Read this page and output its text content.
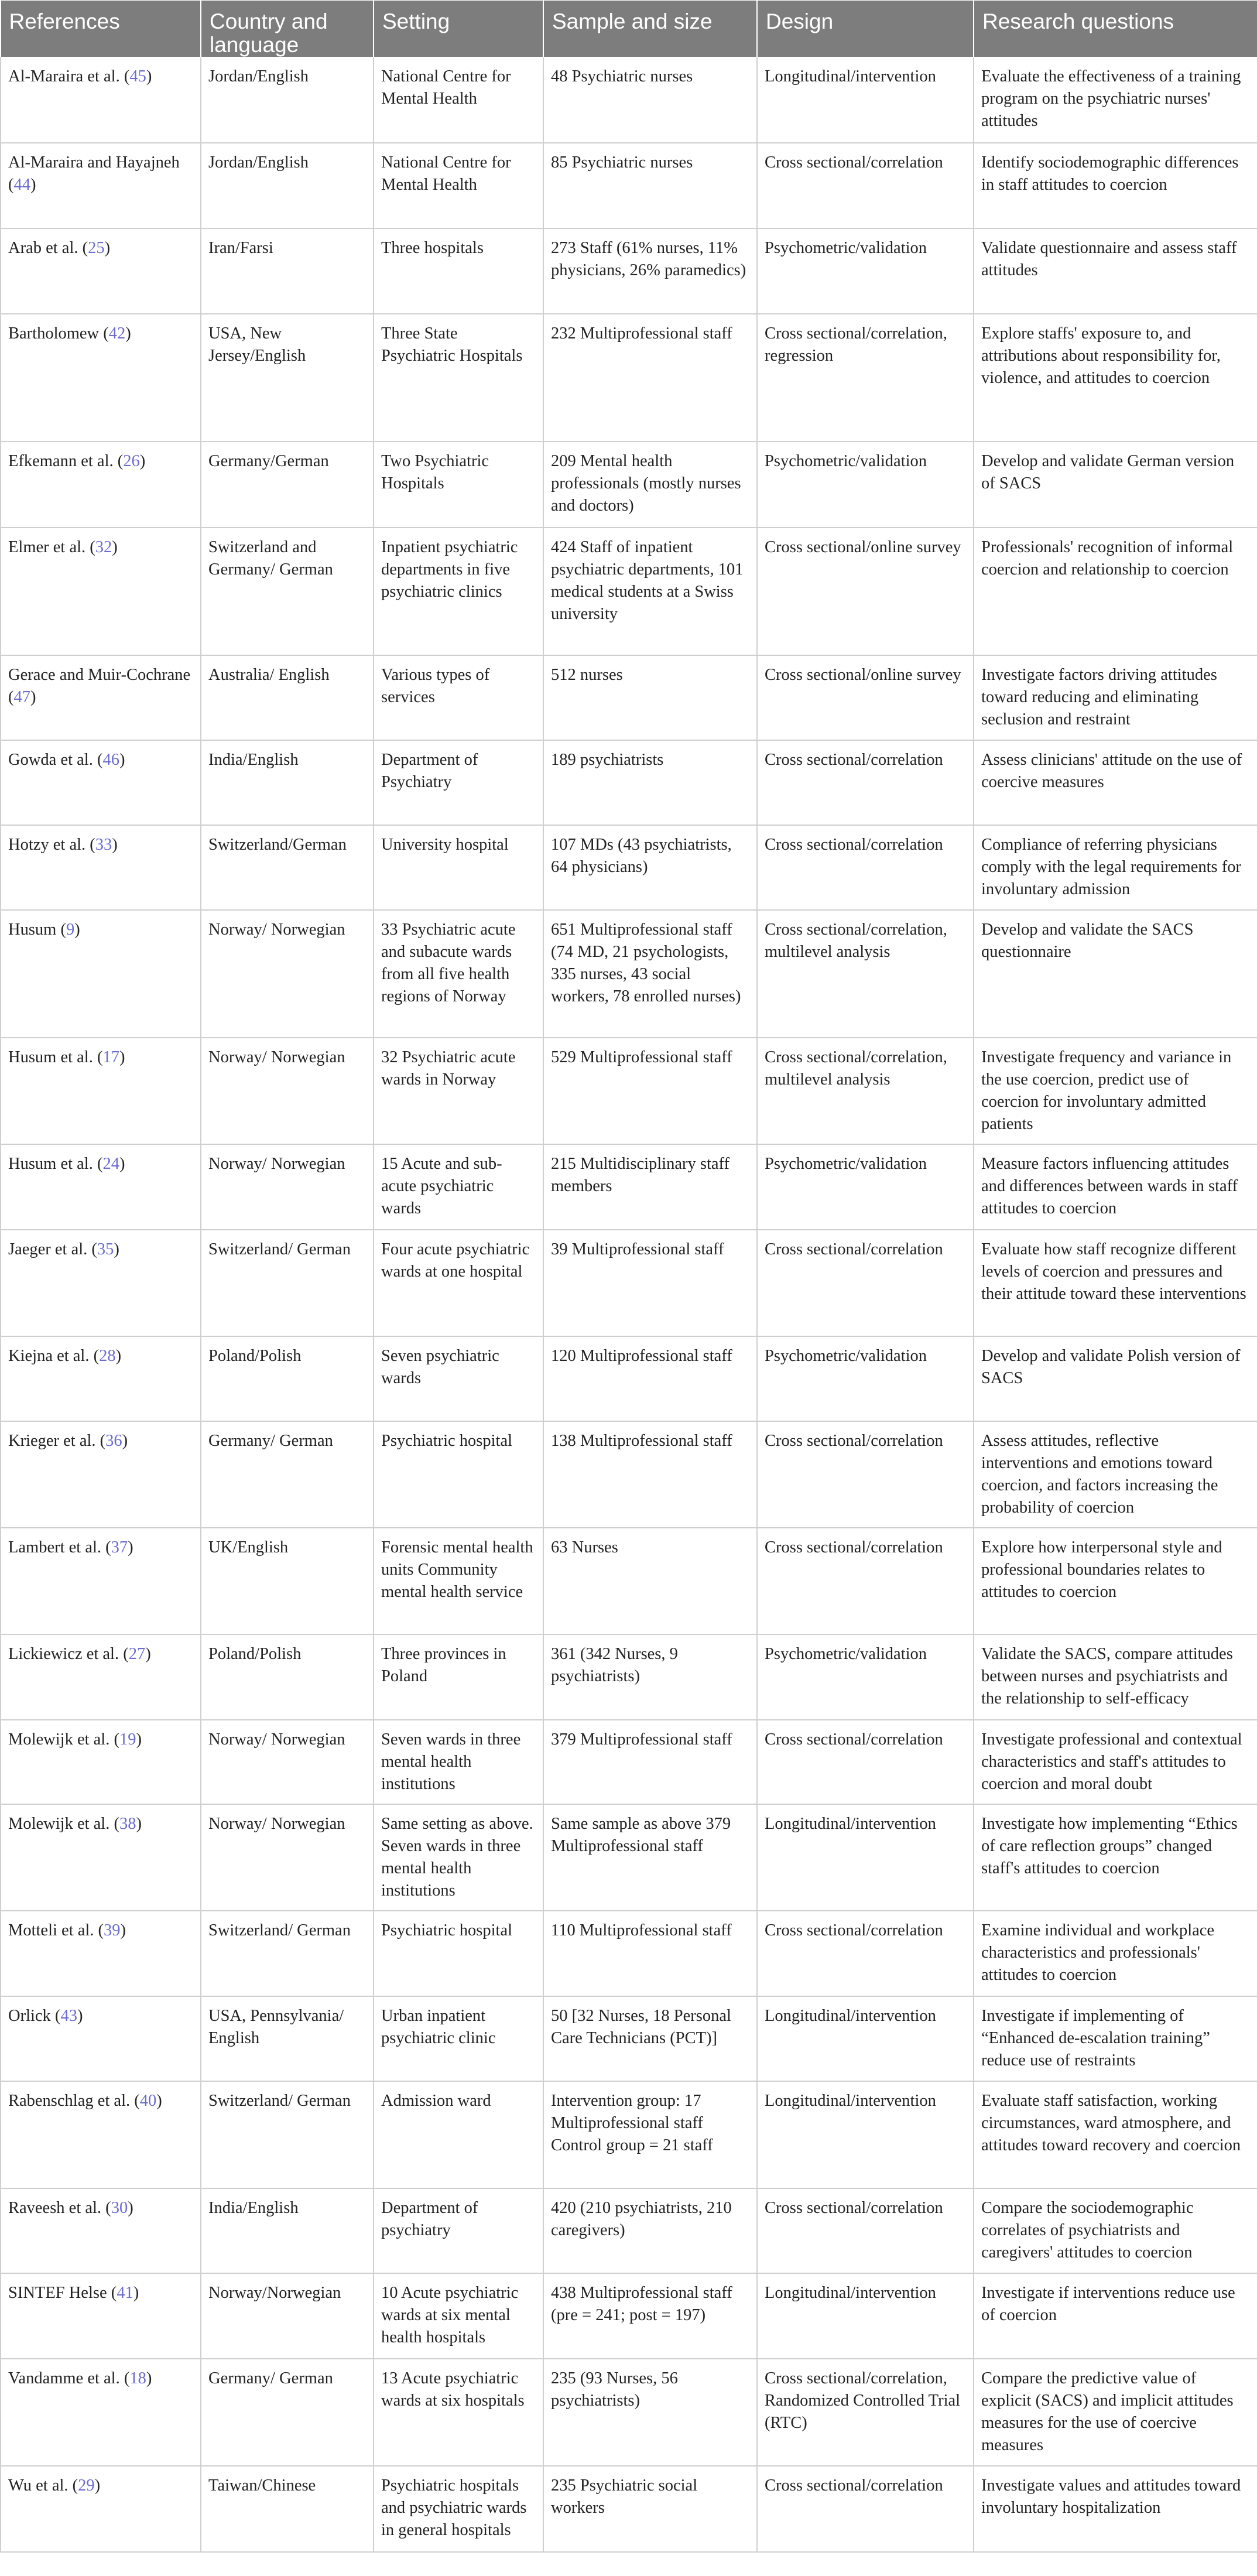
References	Country and language	Setting	Sample and size	Design	Research questions
Al-Maraira et al. (45)	Jordan/English	National Centre for Mental Health	48 Psychiatric nurses	Longitudinal/intervention	Evaluate the effectiveness of a training program on the psychiatric nurses' attitudes
Al-Maraira and Hayajneh (44)	Jordan/English	National Centre for Mental Health	85 Psychiatric nurses	Cross sectional/correlation	Identify sociodemographic differences in staff attitudes to coercion
Arab et al. (25)	Iran/Farsi	Three hospitals	273 Staff (61% nurses, 11% physicians, 26% paramedics)	Psychometric/validation	Validate questionnaire and assess staff attitudes
Bartholomew (42)	USA, New Jersey/English	Three State Psychiatric Hospitals	232 Multiprofessional staff	Cross sectional/correlation, regression	Explore staffs' exposure to, and attributions about responsibility for, violence, and attitudes to coercion
Efkemann et al. (26)	Germany/German	Two Psychiatric Hospitals	209 Mental health professionals (mostly nurses and doctors)	Psychometric/validation	Develop and validate German version of SACS
Elmer et al. (32)	Switzerland and Germany/ German	Inpatient psychiatric departments in five psychiatric clinics	424 Staff of inpatient psychiatric departments, 101 medical students at a Swiss university	Cross sectional/online survey	Professionals' recognition of informal coercion and relationship to coercion
Gerace and Muir-Cochrane (47)	Australia/ English	Various types of services	512 nurses	Cross sectional/online survey	Investigate factors driving attitudes toward reducing and eliminating seclusion and restraint
Gowda et al. (46)	India/English	Department of Psychiatry	189 psychiatrists	Cross sectional/correlation	Assess clinicians' attitude on the use of coercive measures
Hotzy et al. (33)	Switzerland/German	University hospital	107 MDs (43 psychiatrists, 64 physicians)	Cross sectional/correlation	Compliance of referring physicians comply with the legal requirements for involuntary admission
Husum (9)	Norway/ Norwegian	33 Psychiatric acute and subacute wards from all five health regions of Norway	651 Multiprofessional staff (74 MD, 21 psychologists, 335 nurses, 43 social workers, 78 enrolled nurses)	Cross sectional/correlation, multilevel analysis	Develop and validate the SACS questionnaire
Husum et al. (17)	Norway/ Norwegian	32 Psychiatric acute wards in Norway	529 Multiprofessional staff	Cross sectional/correlation, multilevel analysis	Investigate frequency and variance in the use coercion, predict use of coercion for involuntary admitted patients
Husum et al. (24)	Norway/ Norwegian	15 Acute and sub-acute psychiatric wards	215 Multidisciplinary staff members	Psychometric/validation	Measure factors influencing attitudes and differences between wards in staff attitudes to coercion
Jaeger et al. (35)	Switzerland/ German	Four acute psychiatric wards at one hospital	39 Multiprofessional staff	Cross sectional/correlation	Evaluate how staff recognize different levels of coercion and pressures and their attitude toward these interventions
Kiejna et al. (28)	Poland/Polish	Seven psychiatric wards	120 Multiprofessional staff	Psychometric/validation	Develop and validate Polish version of SACS
Krieger et al. (36)	Germany/ German	Psychiatric hospital	138 Multiprofessional staff	Cross sectional/correlation	Assess attitudes, reflective interventions and emotions toward coercion, and factors increasing the probability of coercion
Lambert et al. (37)	UK/English	Forensic mental health units Community mental health service	63 Nurses	Cross sectional/correlation	Explore how interpersonal style and professional boundaries relates to attitudes to coercion
Lickiewicz et al. (27)	Poland/Polish	Three provinces in Poland	361 (342 Nurses, 9 psychiatrists)	Psychometric/validation	Validate the SACS, compare attitudes between nurses and psychiatrists and the relationship to self-efficacy
Molewijk et al. (19)	Norway/ Norwegian	Seven wards in three mental health institutions	379 Multiprofessional staff	Cross sectional/correlation	Investigate professional and contextual characteristics and staff's attitudes to coercion and moral doubt
Molewijk et al. (38)	Norway/ Norwegian	Same setting as above. Seven wards in three mental health institutions	Same sample as above 379 Multiprofessional staff	Longitudinal/intervention	Investigate how implementing “Ethics of care reflection groups” changed staff's attitudes to coercion
Motteli et al. (39)	Switzerland/ German	Psychiatric hospital	110 Multiprofessional staff	Cross sectional/correlation	Examine individual and workplace characteristics and professionals' attitudes to coercion
Orlick (43)	USA, Pennsylvania/ English	Urban inpatient psychiatric clinic	50 [32 Nurses, 18 Personal Care Technicians (PCT)]	Longitudinal/intervention	Investigate if implementing of “Enhanced de-escalation training” reduce use of restraints
Rabenschlag et al. (40)	Switzerland/ German	Admission ward	Intervention group: 17 Multiprofessional staff Control group = 21 staff	Longitudinal/intervention	Evaluate staff satisfaction, working circumstances, ward atmosphere, and attitudes toward recovery and coercion
Raveesh et al. (30)	India/English	Department of psychiatry	420 (210 psychiatrists, 210 caregivers)	Cross sectional/correlation	Compare the sociodemographic correlates of psychiatrists and caregivers' attitudes to coercion
SINTEF Helse (41)	Norway/Norwegian	10 Acute psychiatric wards at six mental health hospitals	438 Multiprofessional staff (pre = 241; post = 197)	Longitudinal/intervention	Investigate if interventions reduce use of coercion
Vandamme et al. (18)	Germany/ German	13 Acute psychiatric wards at six hospitals	235 (93 Nurses, 56 psychiatrists)	Cross sectional/correlation, Randomized Controlled Trial (RTC)	Compare the predictive value of explicit (SACS) and implicit attitudes measures for the use of coercive measures
Wu et al. (29)	Taiwan/Chinese	Psychiatric hospitals and psychiatric wards in general hospitals	235 Psychiatric social workers	Cross sectional/correlation	Investigate values and attitudes toward involuntary hospitalization
